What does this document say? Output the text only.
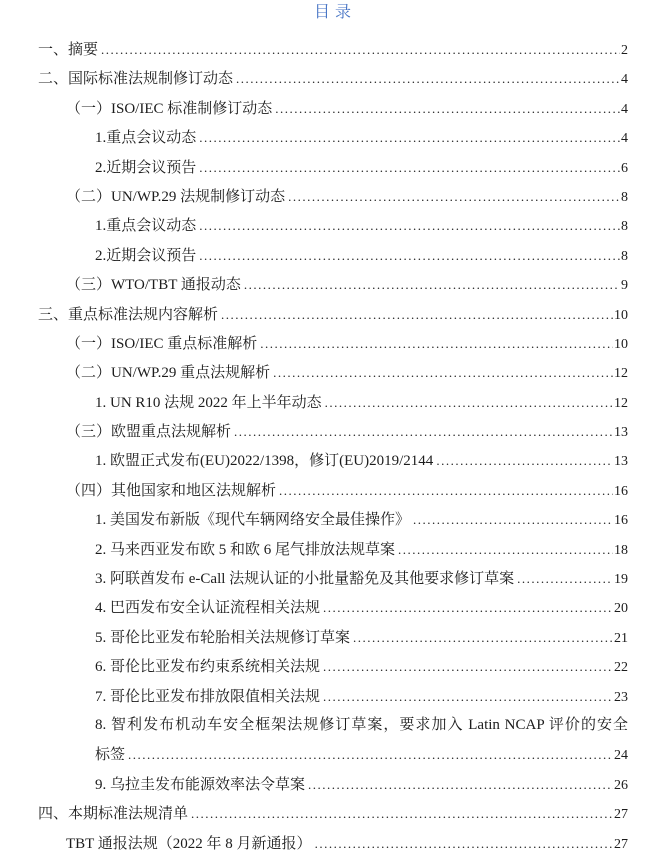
目录
一、摘要 .....	2
二、国际标准法规制修订动态 .....	4
（一）ISO/IEC 标准制修订动态 .....	4
1.重点会议动态 .....	4
2.近期会议预告 .....	6
（二）UN/WP.29 法规制修订动态 .....	8
1.重点会议动态 .....	8
2.近期会议预告 .....	8
（三）WTO/TBT 通报动态 .....	9
三、重点标准法规内容解析 .....	10
（一）ISO/IEC 重点标准解析 .....	10
（二）UN/WP.29 重点法规解析 .....	12
1. UN R10 法规 2022 年上半年动态 .....	12
（三）欧盟重点法规解析 .....	13
1. 欧盟正式发布(EU)2022/1398，修订(EU)2019/2144 .....	13
（四）其他国家和地区法规解析 .....	16
1. 美国发布新版《现代车辆网络安全最佳操作》 .....	16
2. 马来西亚发布欧 5 和欧 6 尾气排放法规草案 .....	18
3. 阿联酋发布 e-Call 法规认证的小批量豁免及其他要求修订草案 .....	19
4. 巴西发布安全认证流程相关法规 .....	20
5. 哥伦比亚发布轮胎相关法规修订草案 .....	21
6. 哥伦比亚发布约束系统相关法规 .....	22
7. 哥伦比亚发布排放限值相关法规 .....	23
8. 智利发布机动车安全框架法规修订草案，要求加入 Latin NCAP 评价的安全
标签 .....	24
9. 乌拉圭发布能源效率法令草案 .....	26
四、本期标准法规清单 .....	27
TBT 通报法规（2022 年 8 月新通报） .....	27
